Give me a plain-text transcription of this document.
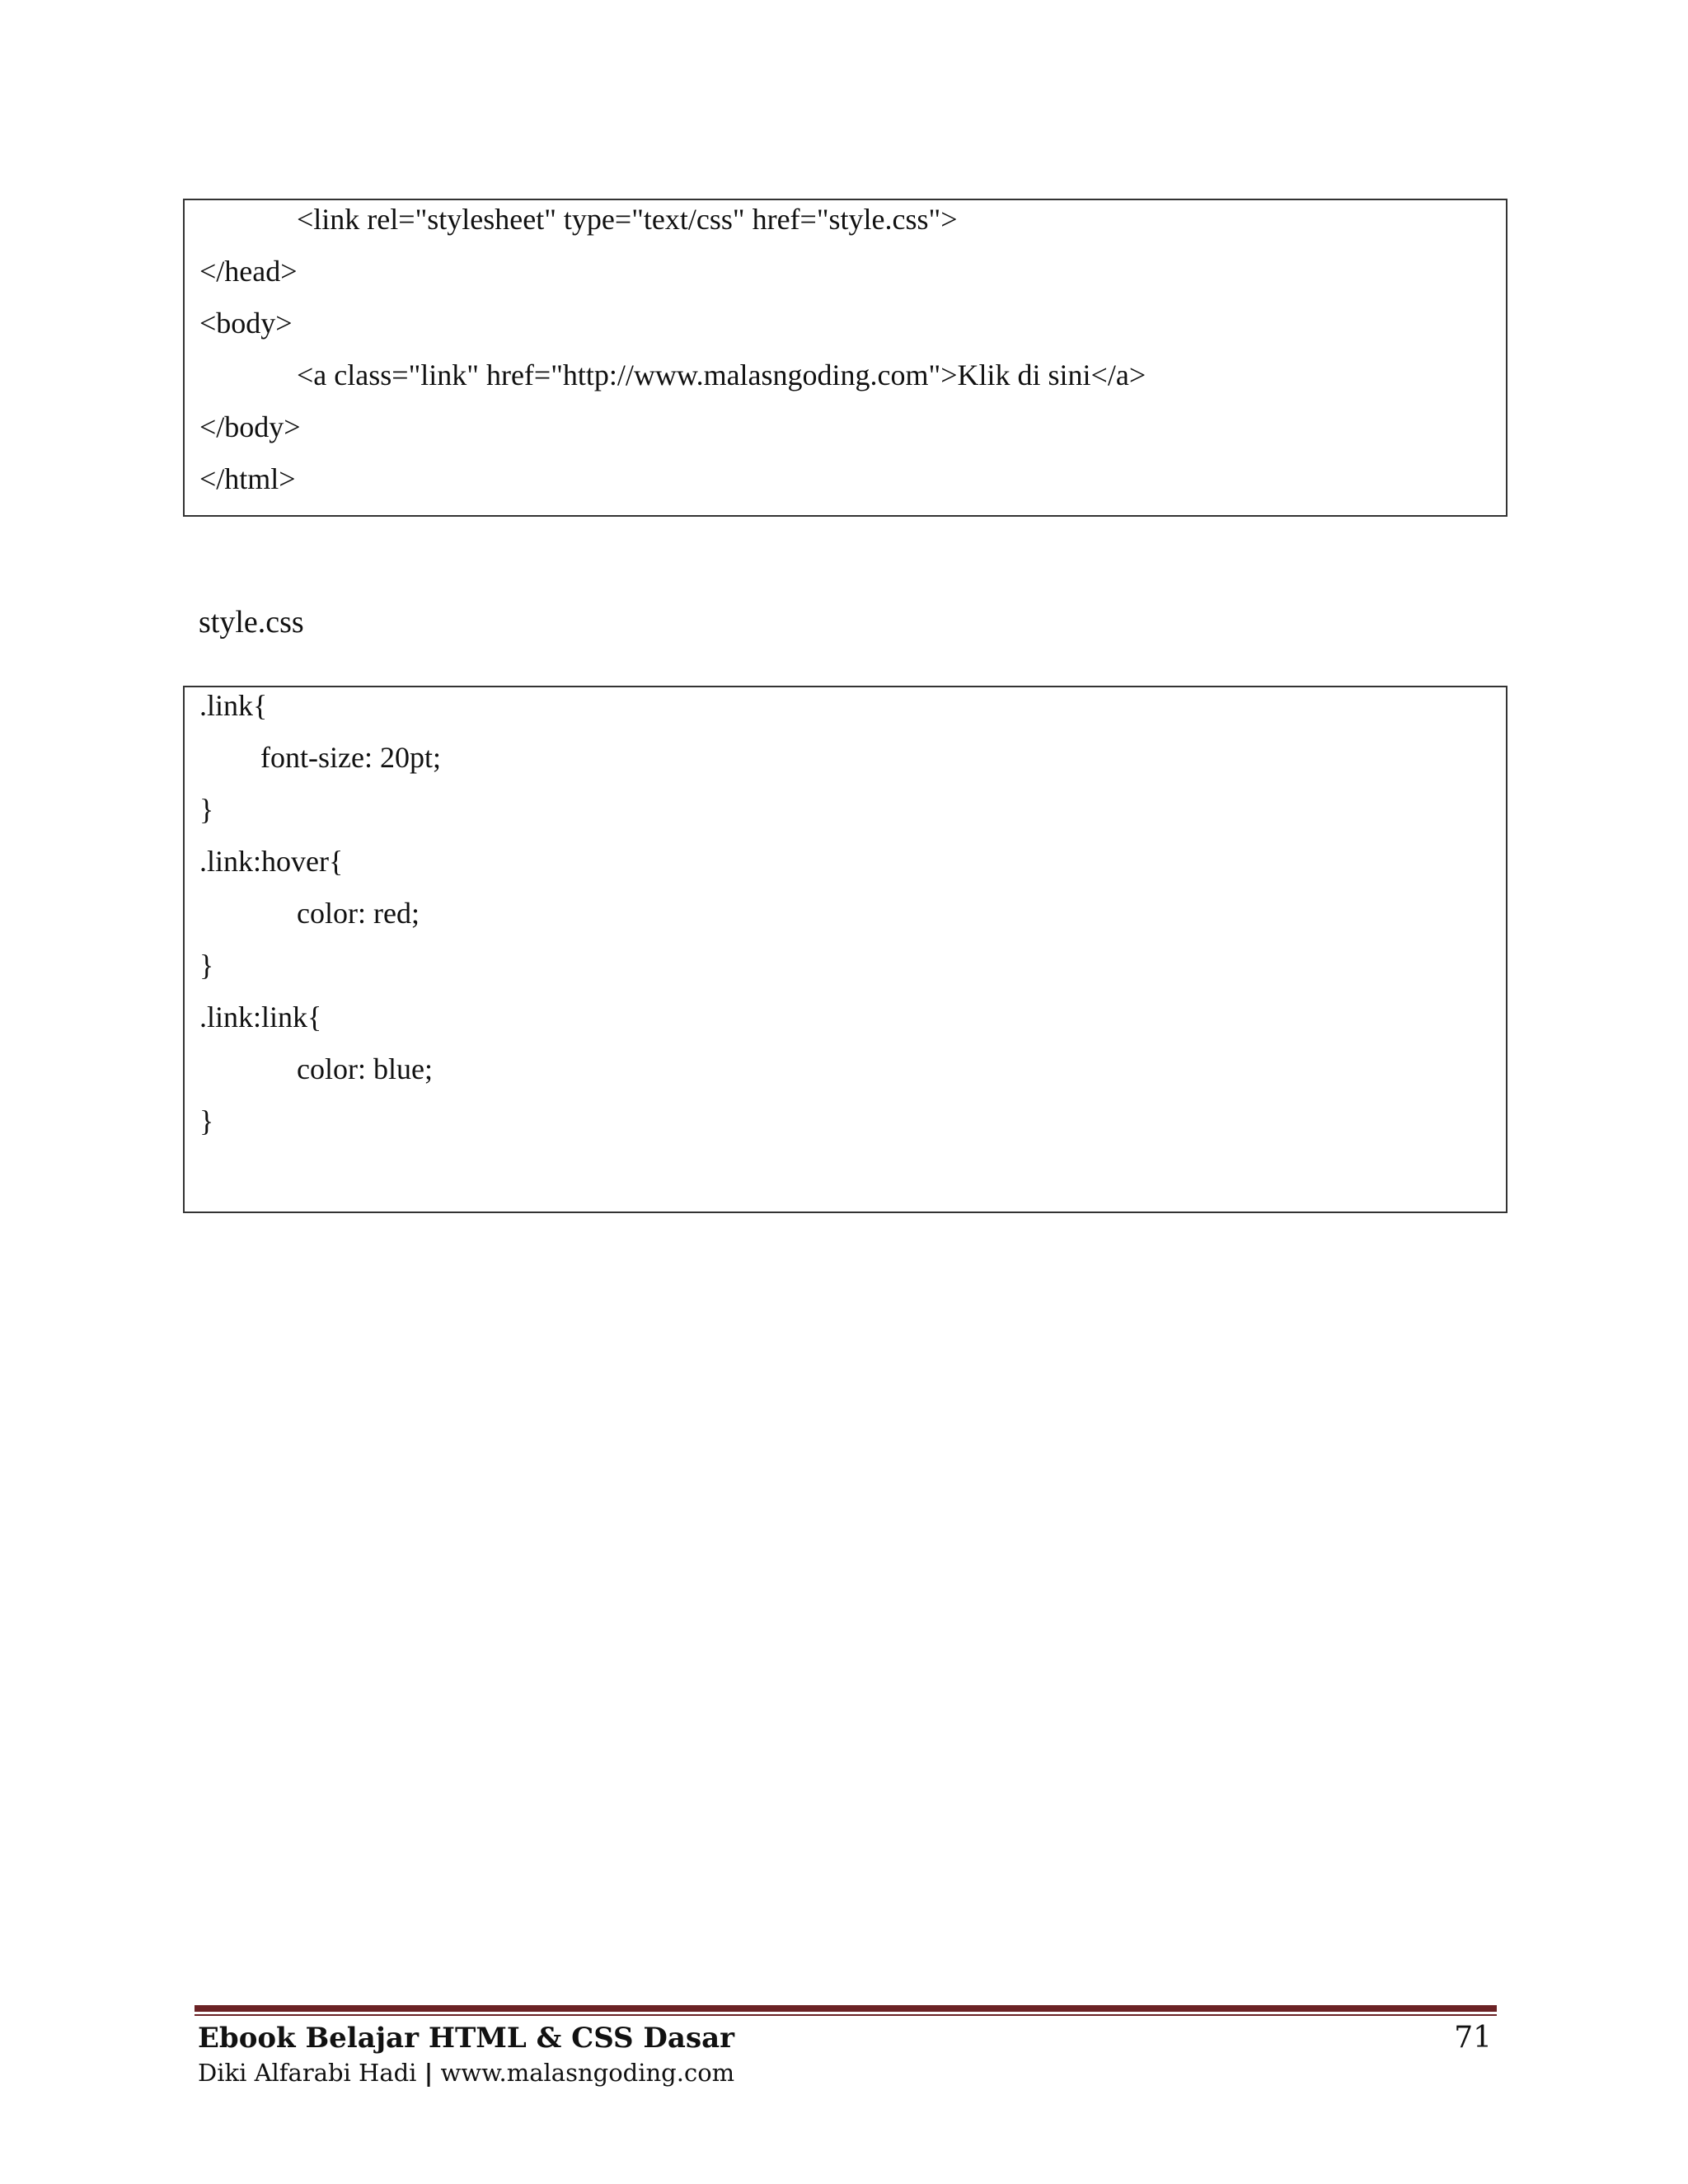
<link rel="stylesheet" type="text/css" href="style.css">
</head>
<body>
<a class="link" href="http://www.malasngoding.com">Klik di sini</a>
</body>
</html>
style.css
.link{
font-size: 20pt;
}
.link:hover{
color: red;
}
.link:link{
color: blue;
}
Ebook Belajar HTML & CSS Dasar	71
Diki Alfarabi Hadi | www.malasngoding.com
